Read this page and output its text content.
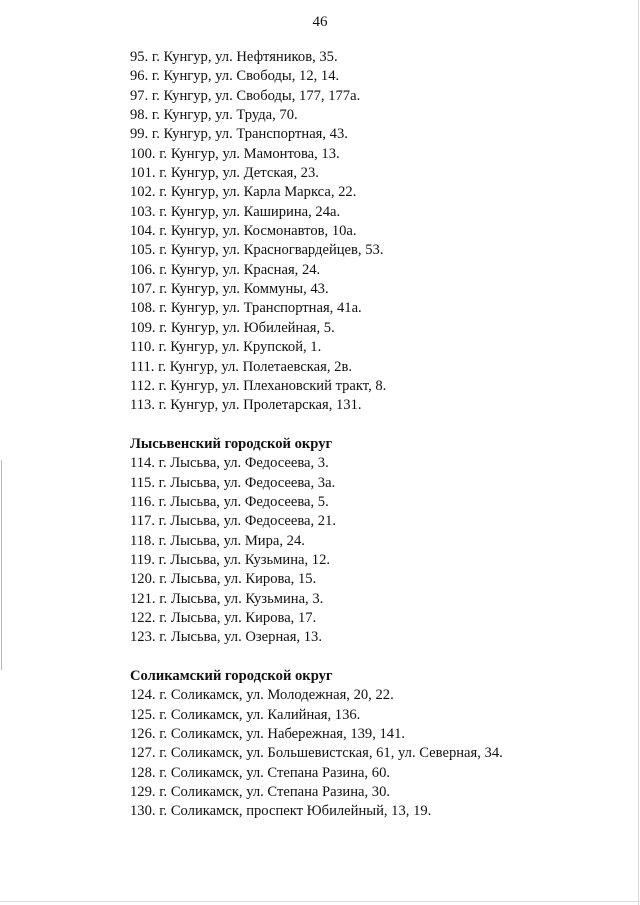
46
95. г. Кунгур, ул. Нефтяников, 35.
96. г. Кунгур, ул. Свободы, 12, 14.
97. г. Кунгур, ул. Свободы, 177, 177а.
98. г. Кунгур, ул. Труда, 70.
99. г. Кунгур, ул. Транспортная, 43.
100. г. Кунгур, ул. Мамонтова, 13.
101. г. Кунгур, ул. Детская, 23.
102. г. Кунгур, ул. Карла Маркса, 22.
103. г. Кунгур, ул. Каширина, 24а.
104. г. Кунгур, ул. Космонавтов, 10а.
105. г. Кунгур, ул. Красногвардейцев, 53.
106. г. Кунгур, ул. Красная, 24.
107. г. Кунгур, ул. Коммуны, 43.
108. г. Кунгур, ул. Транспортная, 41а.
109. г. Кунгур, ул. Юбилейная, 5.
110. г. Кунгур, ул. Крупской, 1.
111. г. Кунгур, ул. Полетаевская, 2в.
112. г. Кунгур, ул. Плехановский тракт, 8.
113. г. Кунгур, ул. Пролетарская, 131.
Лысьвенский городской округ
114. г. Лысьва, ул. Федосеева, 3.
115. г. Лысьва, ул. Федосеева, 3а.
116. г. Лысьва, ул. Федосеева, 5.
117. г. Лысьва, ул. Федосеева, 21.
118. г. Лысьва, ул. Мира, 24.
119. г. Лысьва, ул. Кузьмина, 12.
120. г. Лысьва, ул. Кирова, 15.
121. г. Лысьва, ул. Кузьмина, 3.
122. г. Лысьва, ул. Кирова, 17.
123. г. Лысьва, ул. Озерная, 13.
Соликамский городской округ
124. г. Соликамск, ул. Молодежная, 20, 22.
125. г. Соликамск, ул. Калийная, 136.
126. г. Соликамск, ул. Набережная, 139, 141.
127. г. Соликамск, ул. Большевистская, 61, ул. Северная, 34.
128. г. Соликамск, ул. Степана Разина, 60.
129. г. Соликамск, ул. Степана Разина, 30.
130. г. Соликамск, проспект Юбилейный, 13, 19.
